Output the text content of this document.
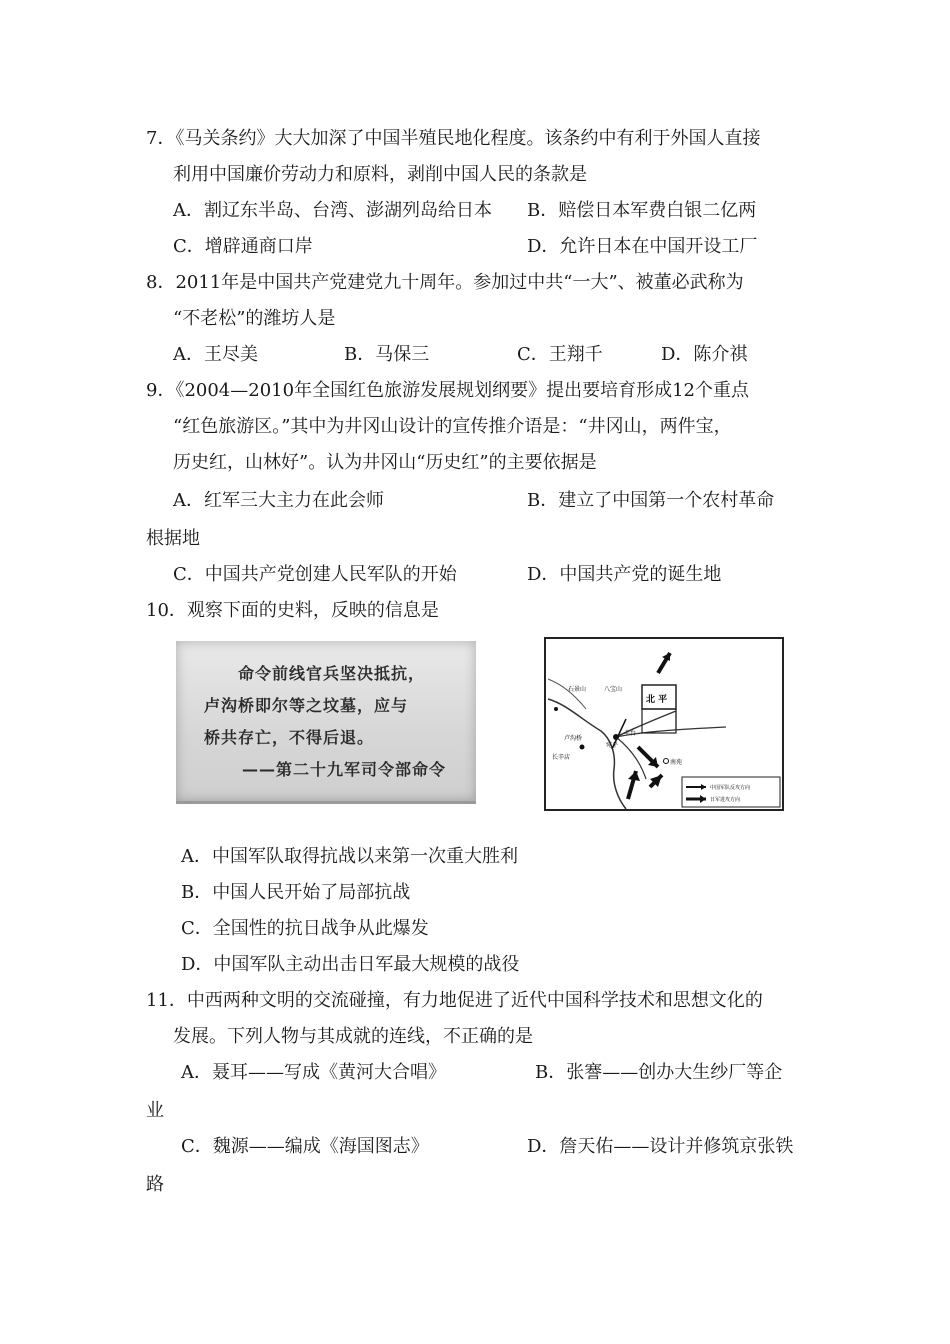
7．《马关条约》大大加深了中国半殖民地化程度。该条约中有利于外国人直接
利用中国廉价劳动力和原料，剥削中国人民的条款是
A．割辽东半岛、台湾、澎湖列岛给日本 B．赔偿日本军费白银二亿两
C．增辟通商口岸	D．允许日本在中国开设工厂
8．2011年是中国共产党建党九十周年。参加过中共“一大”、被董必武称为
“不老松”的潍坊人是
A．王尽美	B．马保三	C．王翔千	D．陈介祺
9．《2004—2010年全国红色旅游发展规划纲要》提出要培育形成12个重点
“红色旅游区。”其中为井冈山设计的宣传推介语是：“井冈山，两件宝，
历史红，山林好”。认为井冈山“历史红”的主要依据是
A．红军三大主力在此会师	B．建立了中国第一个农村革命
根据地
C．中国共产党创建人民军队的开始	D．中国共产党的诞生地
10．观察下面的史料，反映的信息是
命令前线官兵坚决抵抗，
卢沟桥即尔等之坟墓，应与
桥共存亡，不得后退。
——第二十九军司令部命令
北 平
石景山	八宝山
卢沟桥
长辛店
丰台
宛平
南苑
中国军队反攻方向
日军进攻方向
A．中国军队取得抗战以来第一次重大胜利
B．中国人民开始了局部抗战
C．全国性的抗日战争从此爆发
D．中国军队主动出击日军最大规模的战役
11．中西两种文明的交流碰撞，有力地促进了近代中国科学技术和思想文化的
发展。下列人物与其成就的连线，不正确的是
A．聂耳——写成《黄河大合唱》	B．张謇——创办大生纱厂等企
业
C．魏源——编成《海国图志》	D．詹天佑——设计并修筑京张铁
路
